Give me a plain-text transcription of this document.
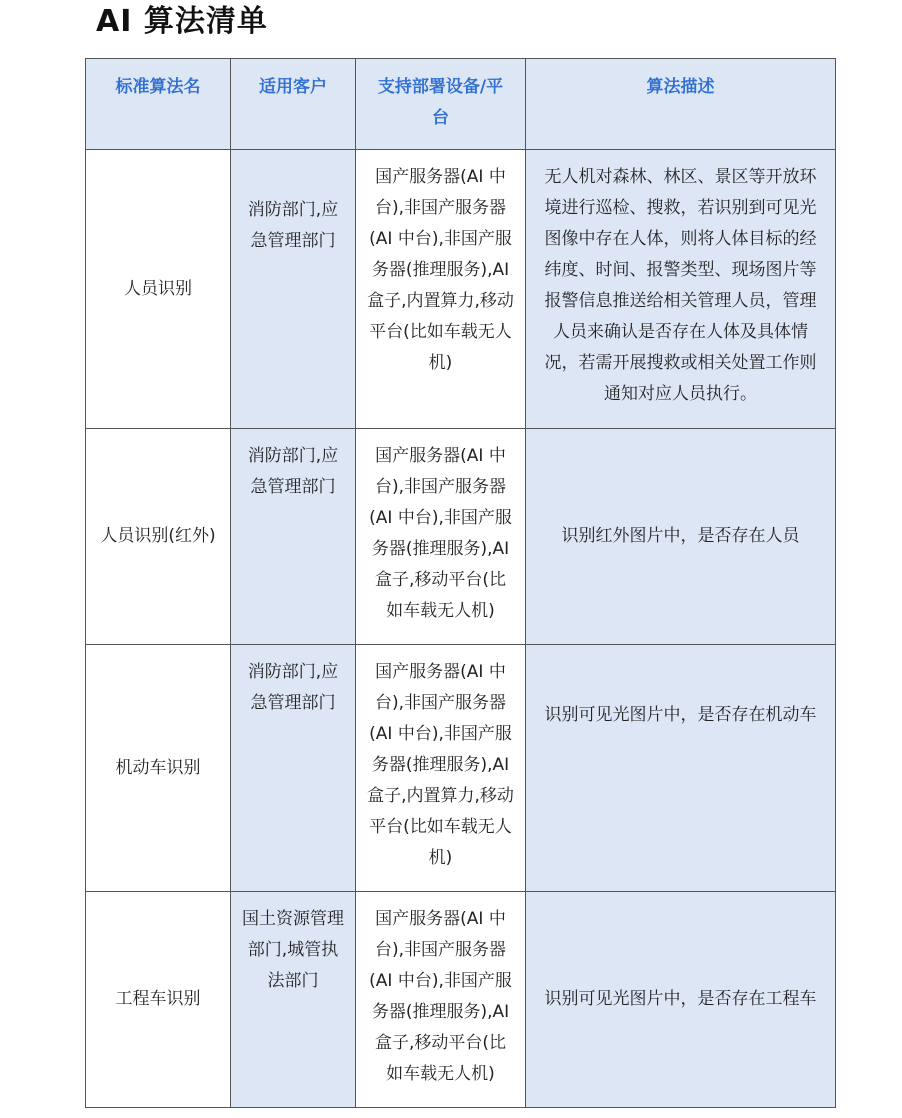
AI 算法清单
标准算法名	适用客户	支持部署设备/平台	算法描述

人员识别	消防部门,应急管理部门	国产服务器(AI 中台),非国产服务器(AI 中台),非国产服务器(推理服务),AI 盒子,内置算力,移动平台(比如车载无人机)	无人机对森林、林区、景区等开放环境进行巡检、搜救，若识别到可见光图像中存在人体，则将人体目标的经纬度、时间、报警类型、现场图片等报警信息推送给相关管理人员，管理人员来确认是否存在人体及具体情况，若需开展搜救或相关处置工作则通知对应人员执行。

人员识别(红外)	消防部门,应急管理部门	国产服务器(AI 中台),非国产服务器(AI 中台),非国产服务器(推理服务),AI 盒子,移动平台(比如车载无人机)	识别红外图片中，是否存在人员

机动车识别	消防部门,应急管理部门	国产服务器(AI 中台),非国产服务器(AI 中台),非国产服务器(推理服务),AI 盒子,内置算力,移动平台(比如车载无人机)	识别可见光图片中，是否存在机动车

工程车识别	国土资源管理部门,城管执法部门	国产服务器(AI 中台),非国产服务器(AI 中台),非国产服务器(推理服务),AI 盒子,移动平台(比如车载无人机)	识别可见光图片中，是否存在工程车
